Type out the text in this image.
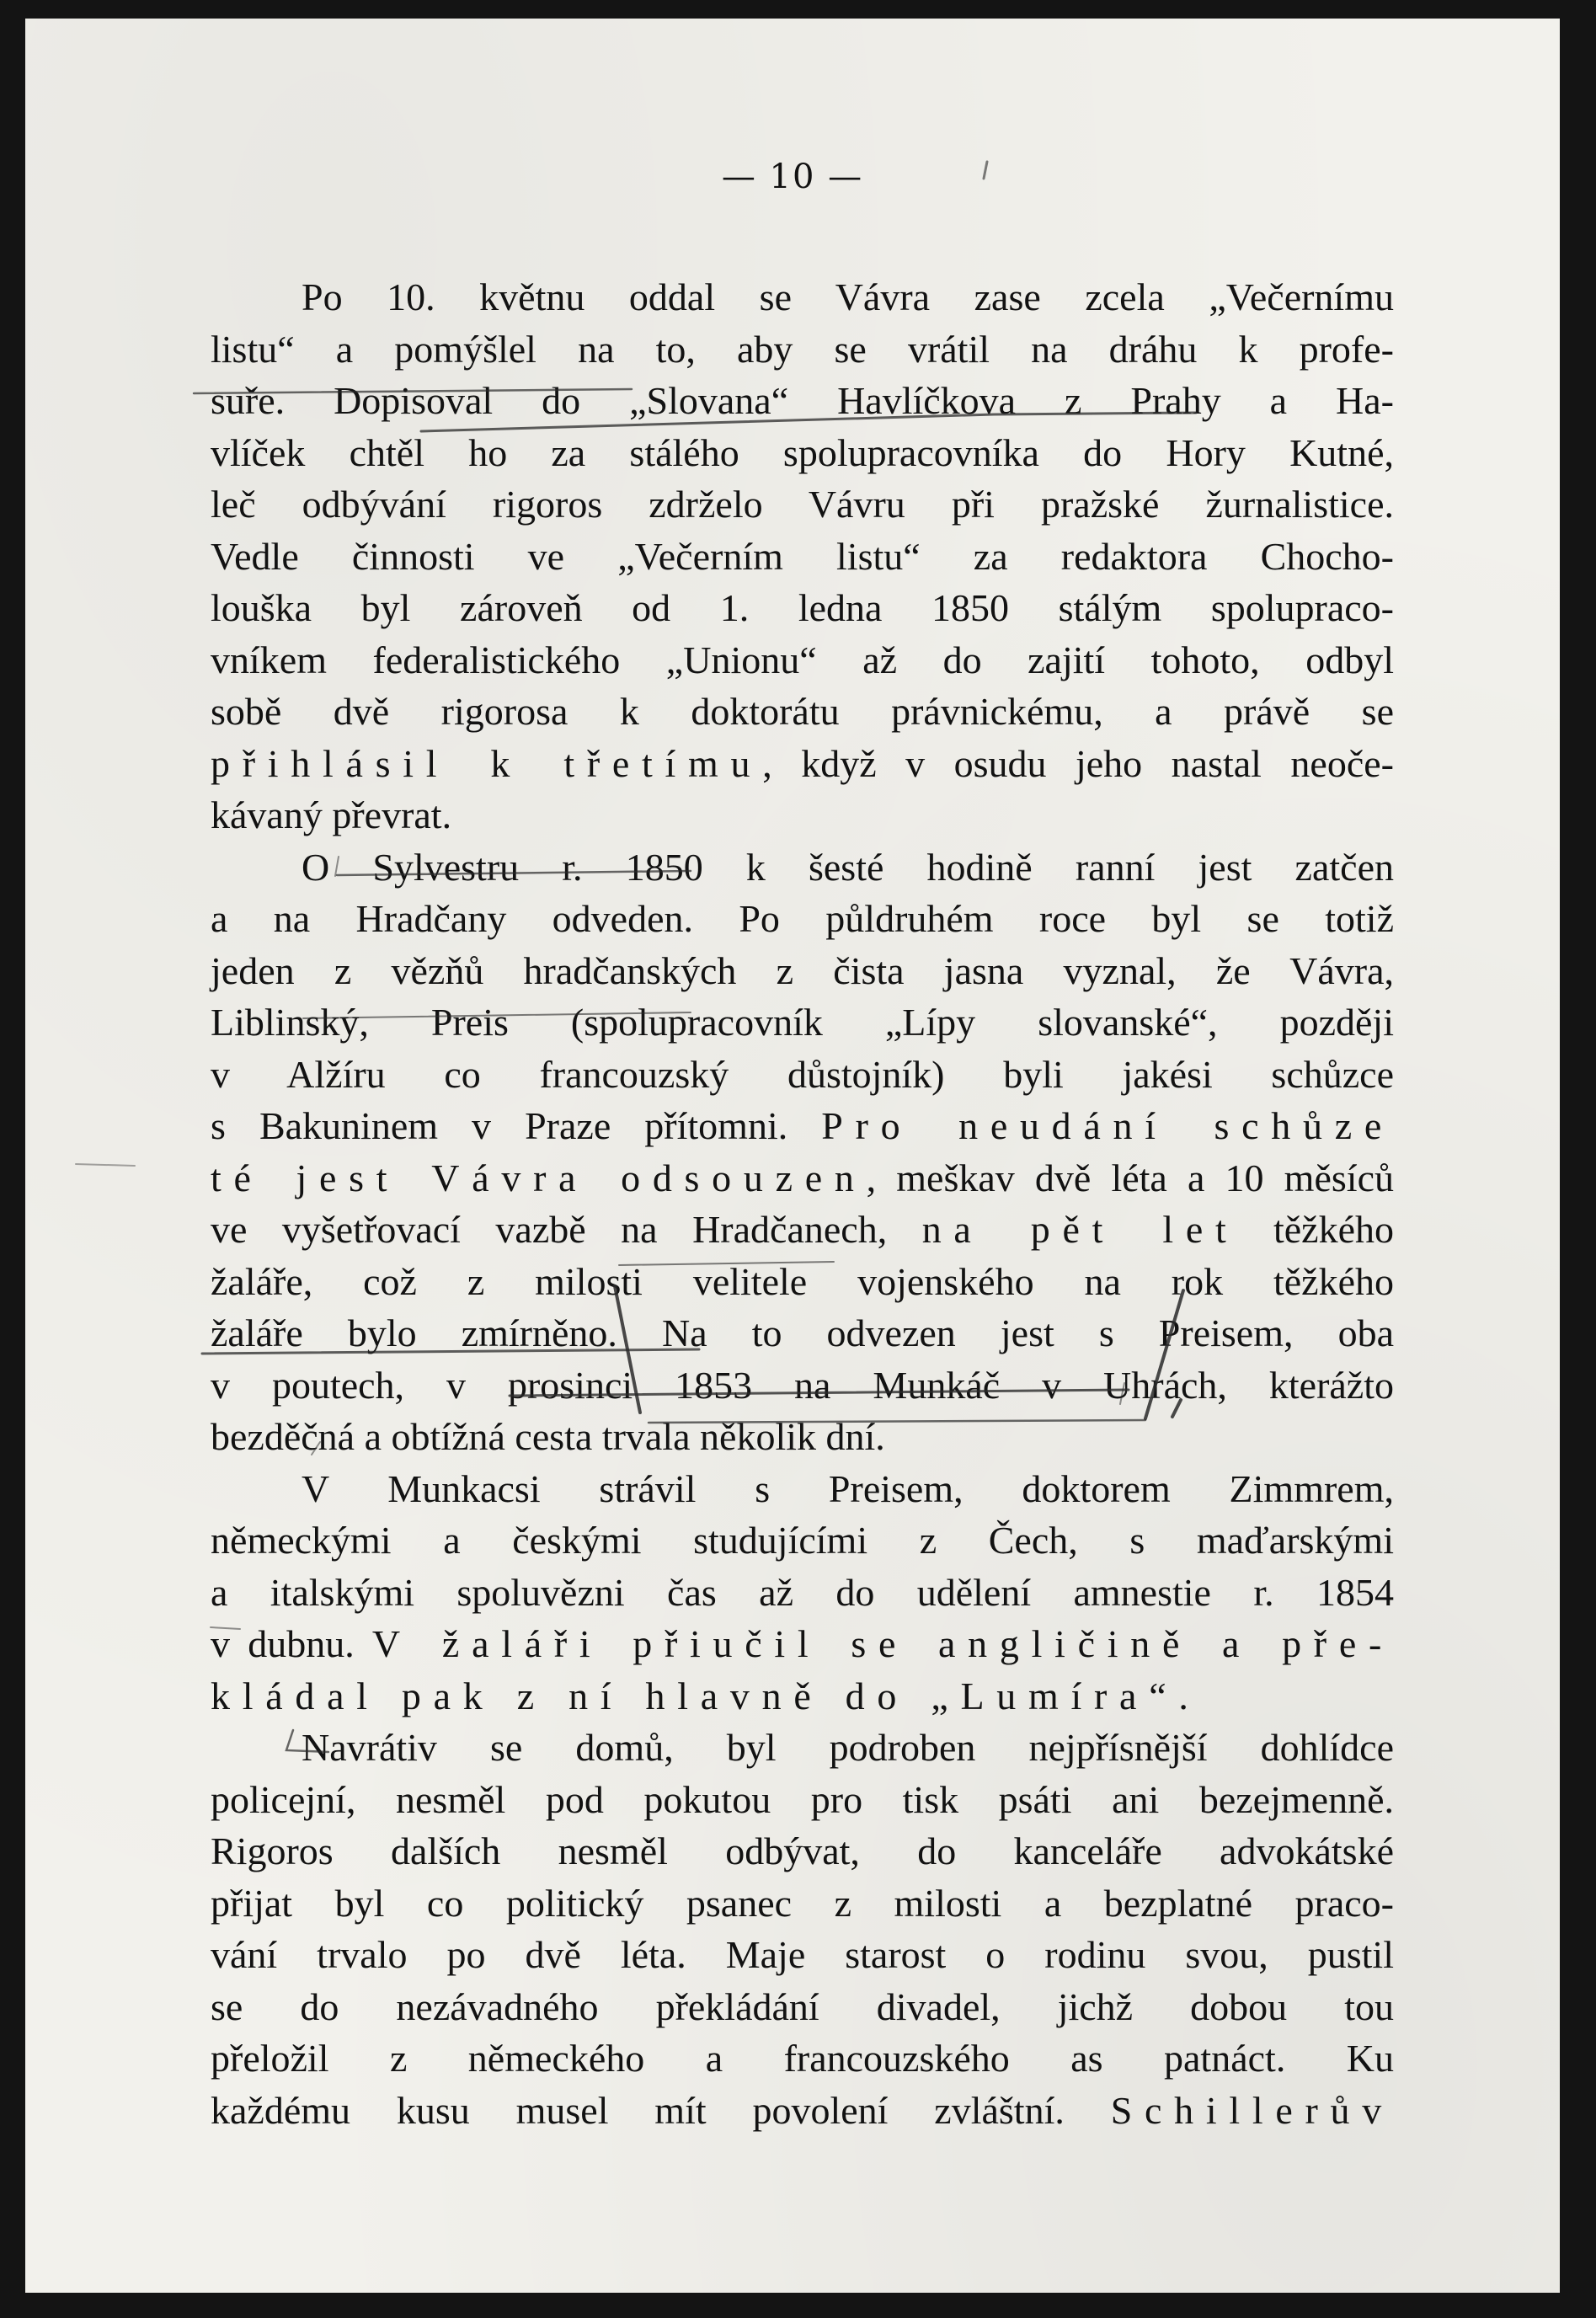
— 10 —
Po 10. květnu oddal se Vávra zase zcela „Večernímu
listu“ a pomýšlel na to, aby se vrátil na dráhu k profe-
suře. Dopisoval do „Slovana“ Havlíčkova z Prahy a Ha-
vlíček chtěl ho za stálého spolupracovníka do Hory Kutné,
leč odbývání rigoros zdrželo Vávru při pražské žurnalistice.
Vedle činnosti ve „Večerním listu“ za redaktora Chocho-
louška byl zároveň od 1. ledna 1850 stálým spolupraco-
vníkem federalistického „Unionu“ až do zajití tohoto, odbyl
sobě dvě rigorosa k doktorátu právnickému, a právě se
přihlásil k třetímu, když v osudu jeho nastal neoče-
kávaný převrat.
O Sylvestru r. 1850 k šesté hodině ranní jest zatčen
a na Hradčany odveden. Po půldruhém roce byl se totiž
jeden z vězňů hradčanských z čista jasna vyznal, že Vávra,
Liblinský, Preis (spolupracovník „Lípy slovanské“, později
v Alžíru co francouzský důstojník) byli jakési schůzce
s Bakuninem v Praze přítomni. Pro neudání schůze
té jest Vávra odsouzen, meškav dvě léta a 10 měsíců
ve vyšetřovací vazbě na Hradčanech, na pět let těžkého
žaláře, což z milosti velitele vojenského na rok těžkého
žaláře bylo zmírněno. Na to odvezen jest s Preisem, oba
v poutech, v prosinci 1853 na Munkáč v Uhrách, kterážto
bezděčná a obtížná cesta trvala několik dní.
V Munkacsi strávil s Preisem, doktorem Zimmrem,
německými a českými studujícími z Čech, s maďarskými
a italskými spoluvězni čas až do udělení amnestie r. 1854
v dubnu. V žaláři přiučil se angličině a pře-
kládal pak z ní hlavně do „Lumíra“.
Navrátiv se domů, byl podroben nejpřísnější dohlídce
policejní, nesměl pod pokutou pro tisk psáti ani bezejmenně.
Rigoros dalších nesměl odbývat, do kanceláře advokátské
přijat byl co politický psanec z milosti a bezplatné praco-
vání trvalo po dvě léta. Maje starost o rodinu svou, pustil
se do nezávadného překládání divadel, jichž dobou tou
přeložil z německého a francouzského as patnáct. Ku
každému kusu musel mít povolení zvláštní. Schillerův
